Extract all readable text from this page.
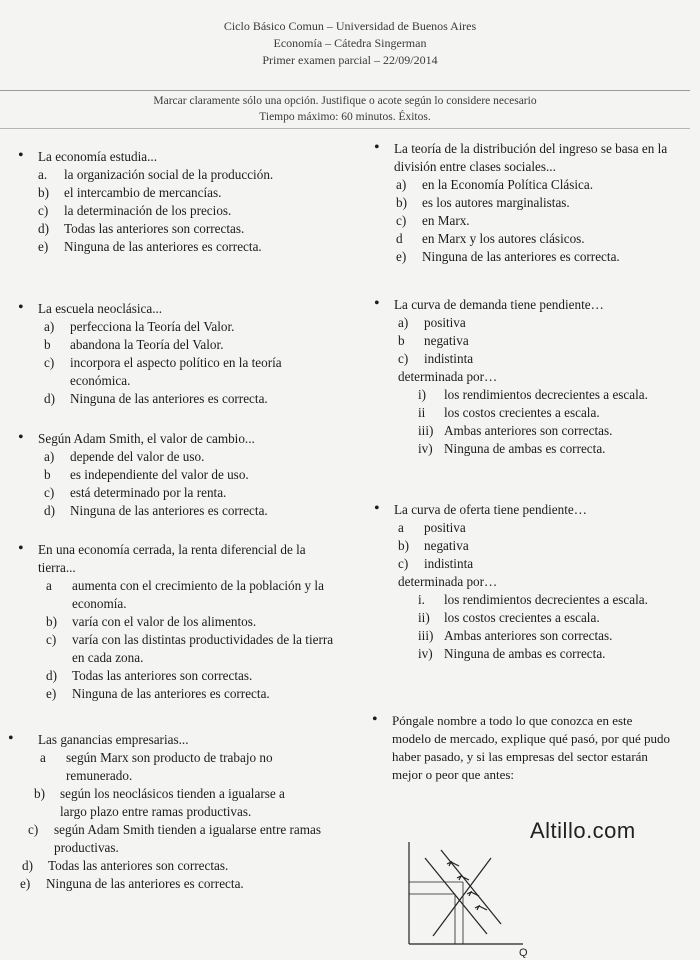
Ciclo Básico Comun – Universidad de Buenos Aires
Economía – Cátedra Singerman
Primer examen parcial – 22/09/2014
Marcar claramente sólo una opción. Justifique o acote según lo considere necesario
Tiempo máximo: 60 minutos. Éxitos.
• La economía estudia...
a. la organización social de la producción.
b) el intercambio de mercancías.
c) la determinación de los precios.
d) Todas las anteriores son correctas.
e) Ninguna de las anteriores es correcta.
• La escuela neoclásica...
a) perfecciona la Teoría del Valor.
b abandona la Teoría del Valor.
c) incorpora el aspecto político en la teoría económica.
d) Ninguna de las anteriores es correcta.
• Según Adam Smith, el valor de cambio...
a) depende del valor de uso.
b es independiente del valor de uso.
c) está determinado por la renta.
d) Ninguna de las anteriores es correcta.
• En una economía cerrada, la renta diferencial de la tierra...
a aumenta con el crecimiento de la población y la economía.
b) varía con el valor de los alimentos.
c) varía con las distintas productividades de la tierra en cada zona.
d) Todas las anteriores son correctas.
e) Ninguna de las anteriores es correcta.
• Las ganancias empresarias...
a según Marx son producto de trabajo no remunerado.
b) según los neoclásicos tienden a igualarse a largo plazo entre ramas productivas.
c) según Adam Smith tienden a igualarse entre ramas productivas.
d) Todas las anteriores son correctas.
e) Ninguna de las anteriores es correcta.
• La teoría de la distribución del ingreso se basa en la división entre clases sociales...
a) en la Economía Política Clásica.
b) es los autores marginalistas.
c) en Marx.
d en Marx y los autores clásicos.
e) Ninguna de las anteriores es correcta.
• La curva de demanda tiene pendiente…
a) positiva
b negativa
c) indistinta
determinada por…
i) los rendimientos decrecientes a escala.
ii los costos crecientes a escala.
iii) Ambas anteriores son correctas.
iv) Ninguna de ambas es correcta.
• La curva de oferta tiene pendiente…
a positiva
b) negativa
c) indistinta
determinada por…
i. los rendimientos decrecientes a escala.
ii) los costos crecientes a escala.
iii) Ambas anteriores son correctas.
iv) Ninguna de ambas es correcta.
• Póngale nombre a todo lo que conozca en este modelo de mercado, explique qué pasó, por qué pudo haber pasado, y si las empresas del sector estarán mejor o peor que antes:
Altillo.com
Q
